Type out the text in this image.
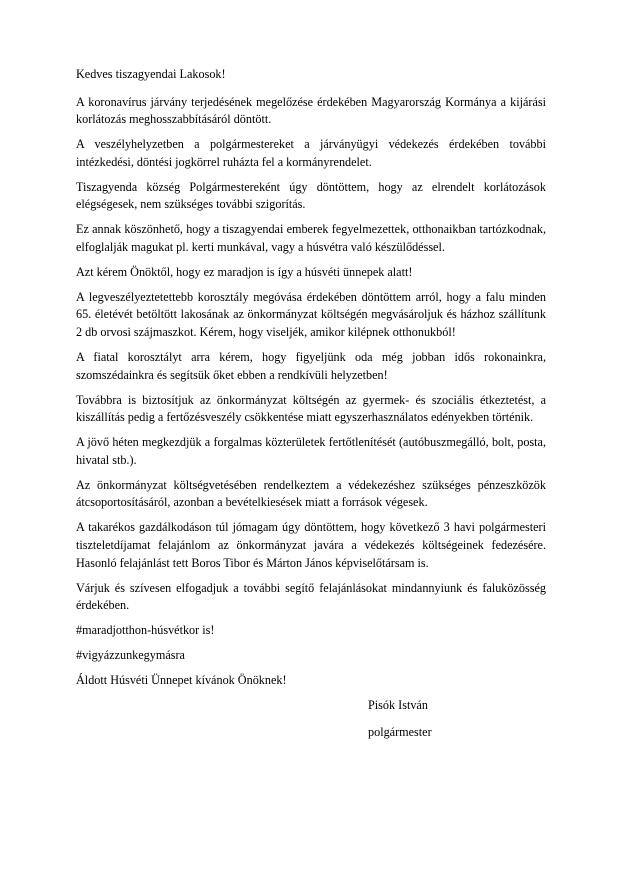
Kedves tiszagyendai Lakosok!

A koronavírus járvány terjedésének megelőzése érdekében Magyarország Kormánya a kijárási korlátozás meghosszabbításáról döntött.

A veszélyhelyzetben a polgármestereket a járványügyi védekezés érdekében további intézkedési, döntési jogkörrel ruházta fel a kormányrendelet.

Tiszagyenda község Polgármestereként úgy döntöttem, hogy az elrendelt korlátozások elégségesek, nem szükséges további szigorítás.

Ez annak köszönhető, hogy a tiszagyendai emberek fegyelmezettek, otthonaikban tartózkodnak, elfoglalják magukat pl. kerti munkával, vagy a húsvétra való készülődéssel.

Azt kérem Önöktől, hogy ez maradjon is így a húsvéti ünnepek alatt!

A legveszélyeztetettebb korosztály megóvása érdekében döntöttem arról, hogy a falu minden 65. életévét betöltött lakosának az önkormányzat költségén megvásároljuk és házhoz szállítunk 2 db orvosi szájmaszkot. Kérem, hogy viseljék, amikor kilépnek otthonukból!

A fiatal korosztályt arra kérem, hogy figyeljünk oda még jobban idős rokonainkra, szomszédainkra és segítsük őket ebben a rendkívüli helyzetben!

Továbbra is biztosítjuk az önkormányzat költségén az gyermek- és szociális étkeztetést, a kiszállítás pedig a fertőzésveszély csökkentése miatt egyszerhasználatos edényekben történik.

A jövő héten megkezdjük a forgalmas közterületek fertőtlenítését (autóbuszmegálló, bolt, posta, hivatal stb.).

Az önkormányzat költségvetésében rendelkeztem a védekezéshez szükséges pénzeszközök átcsoportosításáról, azonban a bevételkiesések miatt a források végesek.

A takarékos gazdálkodáson túl jómagam úgy döntöttem, hogy következő 3 havi polgármesteri tiszteletdíjamat felajánlom az önkormányzat javára a védekezés költségeinek fedezésére. Hasonló felajánlást tett Boros Tibor és Márton János képviselőtársam is.

Várjuk és szívesen elfogadjuk a további segítő felajánlásokat mindannyiunk és faluközösség érdekében.

#maradjotthon-húsvétkor is!

#vigyázzunkegymásra

Áldott Húsvéti Ünnepet kívánok Önöknek!

Pisók István

polgármester
